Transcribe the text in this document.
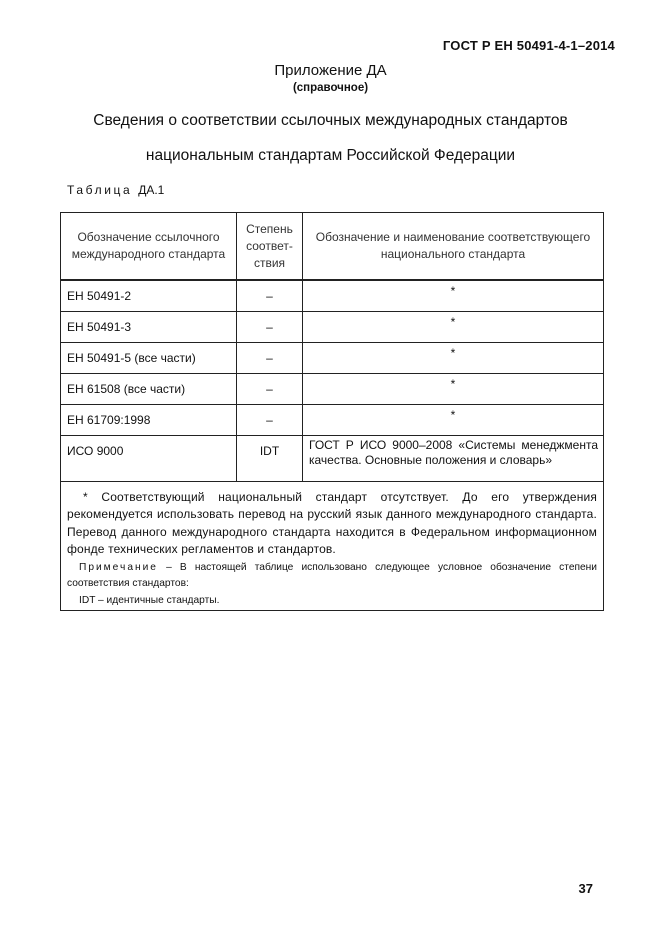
ГОСТ Р ЕН 50491-4-1–2014
Приложение ДА
(справочное)
Сведения о соответствии ссылочных международных стандартов
национальным стандартам Российской Федерации
Таблица ДА.1
Обозначение ссылочного международного стандарта	Степень соответ-ствия	Обозначение и наименование соответствующего национального стандарта
ЕН 50491-2	–	*
ЕН 50491-3	–	*
ЕН 50491-5 (все части)	–	*
ЕН 61508 (все части)	–	*
ЕН 61709:1998	–	*
ИСО 9000	IDT	ГОСТ Р ИСО 9000–2008 «Системы менеджмента качества. Основные положения и словарь»

* Соответствующий национальный стандарт отсутствует. До его утверждения рекомендуется использовать перевод на русский язык данного международного стандарта. Перевод данного международного стандарта находится в Федеральном информационном фонде технических регламентов и стандартов.
Примечание – В настоящей таблице использовано следующее условное обозначение степени соответствия стандартов:
IDT – идентичные стандарты.		
37
